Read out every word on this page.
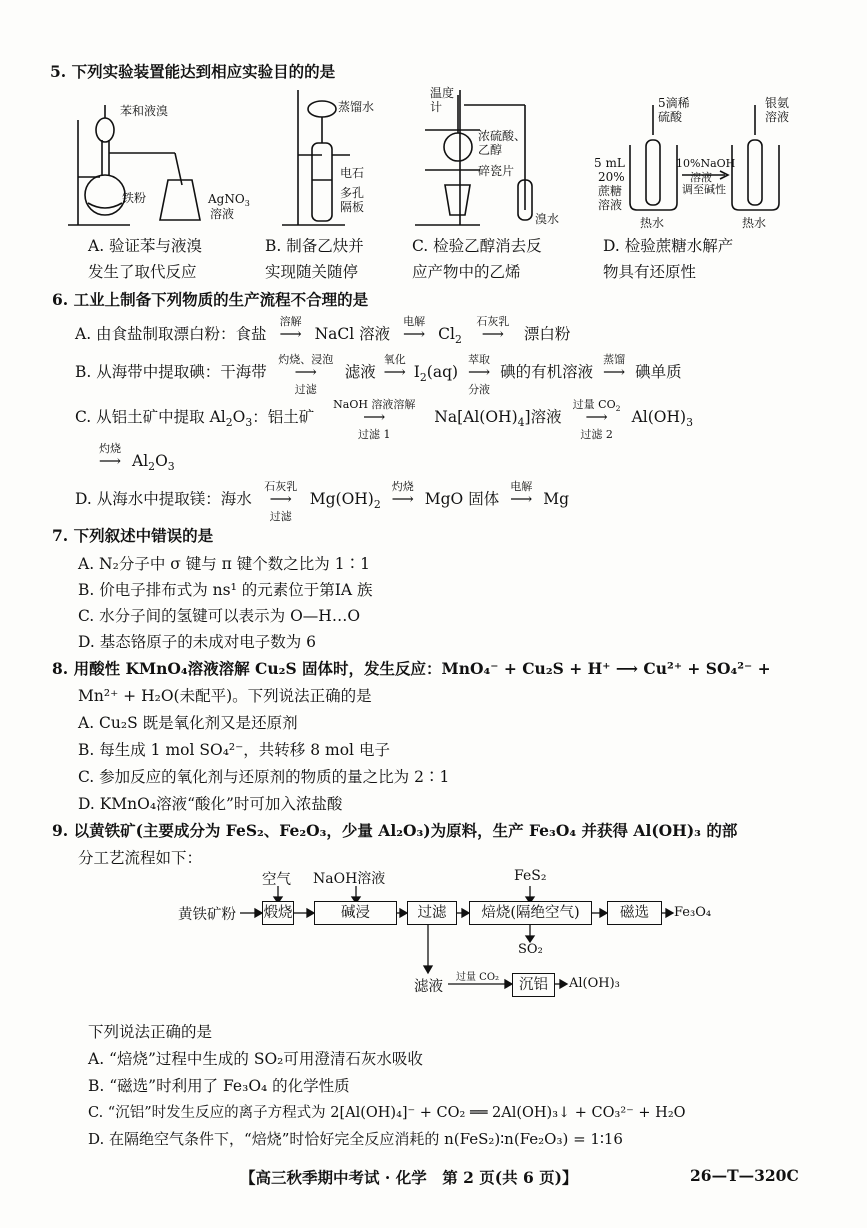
5. 下列实验装置能达到相应实验目的的是
苯和液溴
铁粉	AgNO$_3$
溶液
蒸馏水
电石
多孔
隔板
温度
计
浓硫酸、
乙醇
碎瓷片
溴水
5滴稀
硫酸
银氨
溶液
5 mL
20%
蔗糖
溶液
10%NaOH
溶液
调至碱性
热水	热水
A. 验证苯与液溴
发生了取代反应
B. 制备乙炔并
实现随关随停
C. 检验乙醇消去反
应产物中的乙烯
D. 检验蔗糖水解产
物具有还原性
6. 工业上制备下列物质的生产流程不合理的是
A. 由食盐制取漂白粉：食盐
溶解
⟶ NaCl 溶液
电解
⟶ $Cl_2$
石灰乳
⟶ 漂白粉
B. 从海带中提取碘：干海带
灼烧、浸泡
⟶
过滤
滤液
氧化
⟶ $I_2(aq)$
萃取
⟶
分液
碘的有机溶液
蒸馏
⟶ 碘单质
C. 从铝土矿中提取 $Al_2O_3$：铝土矿
NaOH 溶液溶解
⟶
过滤 1
$Na[Al(OH)_4]$溶液
过量 $CO_2$
⟶
过滤 2
$Al(OH)_3$
灼烧
⟶ $Al_2O_3$
D. 从海水中提取镁：海水
石灰乳
⟶
过滤
$Mg(OH)_2$
灼烧
⟶ MgO 固体
电解
⟶ Mg
7. 下列叙述中错误的是
A. N₂分子中 σ 键与 π 键个数之比为 1∶1
B. 价电子排布式为 ns¹ 的元素位于第ⅠA 族
C. 水分子间的氢键可以表示为 O—H…O
D. 基态铬原子的未成对电子数为 6
8. 用酸性 KMnO₄溶液溶解 Cu₂S 固体时，发生反应：MnO₄⁻ + Cu₂S + H⁺ ⟶ Cu²⁺ + SO₄²⁻ +
Mn²⁺ + H₂O(未配平)。下列说法正确的是
A. Cu₂S 既是氧化剂又是还原剂
B. 每生成 1 mol SO₄²⁻，共转移 8 mol 电子
C. 参加反应的氧化剂与还原剂的物质的量之比为 2∶1
D. KMnO₄溶液“酸化”时可加入浓盐酸
9. 以黄铁矿(主要成分为 FeS₂、Fe₂O₃，少量 Al₂O₃)为原料，生产 Fe₃O₄ 并获得 Al(OH)₃ 的部
分工艺流程如下：
黄铁矿粉
空气 NaOH溶液	FeS₂
煅烧	碱浸	过滤	焙烧(隔绝空气)	磁选	Fe₃O₄
SO₂
滤液
过量 CO₂	沉铝	Al(OH)₃
下列说法正确的是
A. “焙烧”过程中生成的 SO₂可用澄清石灰水吸收
B. “磁选”时利用了 Fe₃O₄ 的化学性质
C. “沉铝”时发生反应的离子方程式为 2[Al(OH)₄]⁻ + CO₂ ══ 2Al(OH)₃↓ + CO₃²⁻ + H₂O
D. 在隔绝空气条件下，“焙烧”时恰好完全反应消耗的 n(FeS₂)∶n(Fe₂O₃) = 1∶16
【高三秋季期中考试 · 化学　第 2 页(共 6 页)】	26—T—320C
